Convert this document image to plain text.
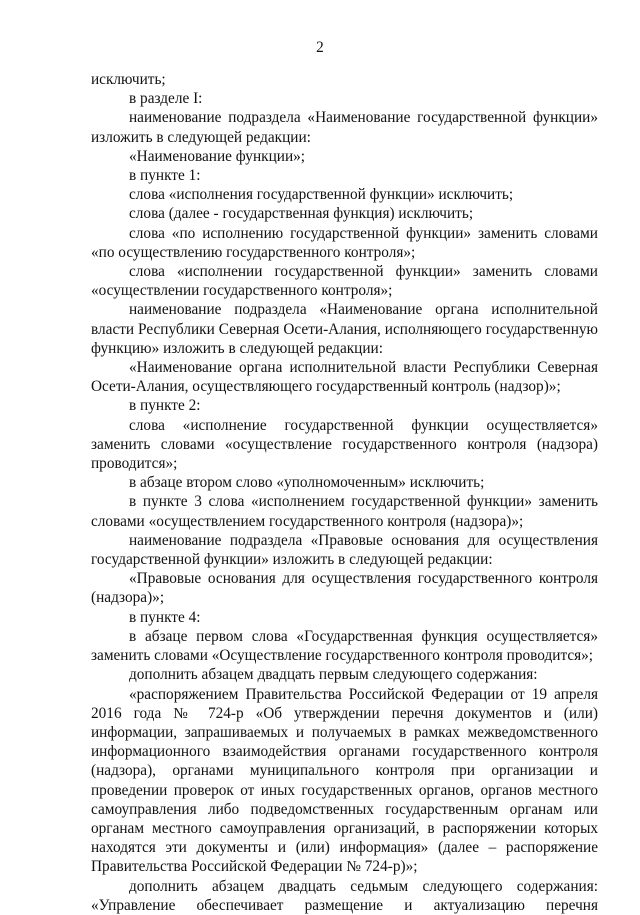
2

исключить;

в разделе I:

наименование подраздела «Наименование государственной функции» изложить в следующей редакции:

«Наименование функции»;

в пункте 1:

слова «исполнения государственной функции» исключить;

слова (далее - государственная функция) исключить;

слова «по исполнению государственной функции» заменить словами «по осуществлению государственного контроля»;

слова «исполнении государственной функции» заменить словами «осуществлении государственного контроля»;

наименование подраздела «Наименование органа исполнительной власти Республики Северная Осети-Алания, исполняющего государственную функцию» изложить в следующей редакции:

«Наименование органа исполнительной власти Республики Северная Осети-Алания, осуществляющего государственный контроль (надзор)»;

в пункте 2:

слова «исполнение государственной функции осуществляется» заменить словами «осуществление государственного контроля (надзора) проводится»;

в абзаце втором слово «уполномоченным» исключить;

в пункте 3 слова «исполнением государственной функции» заменить словами «осуществлением государственного контроля (надзора)»;

наименование подраздела «Правовые основания для осуществления государственной функции» изложить в следующей редакции:

«Правовые основания для осуществления государственного контроля (надзора)»;

в пункте 4:

в абзаце первом слова «Государственная функция осуществляется» заменить словами «Осуществление государственного контроля проводится»;

дополнить абзацем двадцать первым следующего содержания:

«распоряжением Правительства Российской Федерации от 19 апреля 2016 года № 724-р «Об утверждении перечня документов и (или) информации, запрашиваемых и получаемых в рамках межведомственного информационного взаимодействия органами государственного контроля (надзора), органами муниципального контроля при организации и проведении проверок от иных государственных органов, органов местного самоуправления либо подведомственных государственным органам или органам местного самоуправления организаций, в распоряжении которых находятся эти документы и (или) информация» (далее – распоряжение Правительства Российской Федерации № 724-р)»;

дополнить абзацем двадцать седьмым следующего содержания: «Управление обеспечивает размещение и актуализацию перечня
